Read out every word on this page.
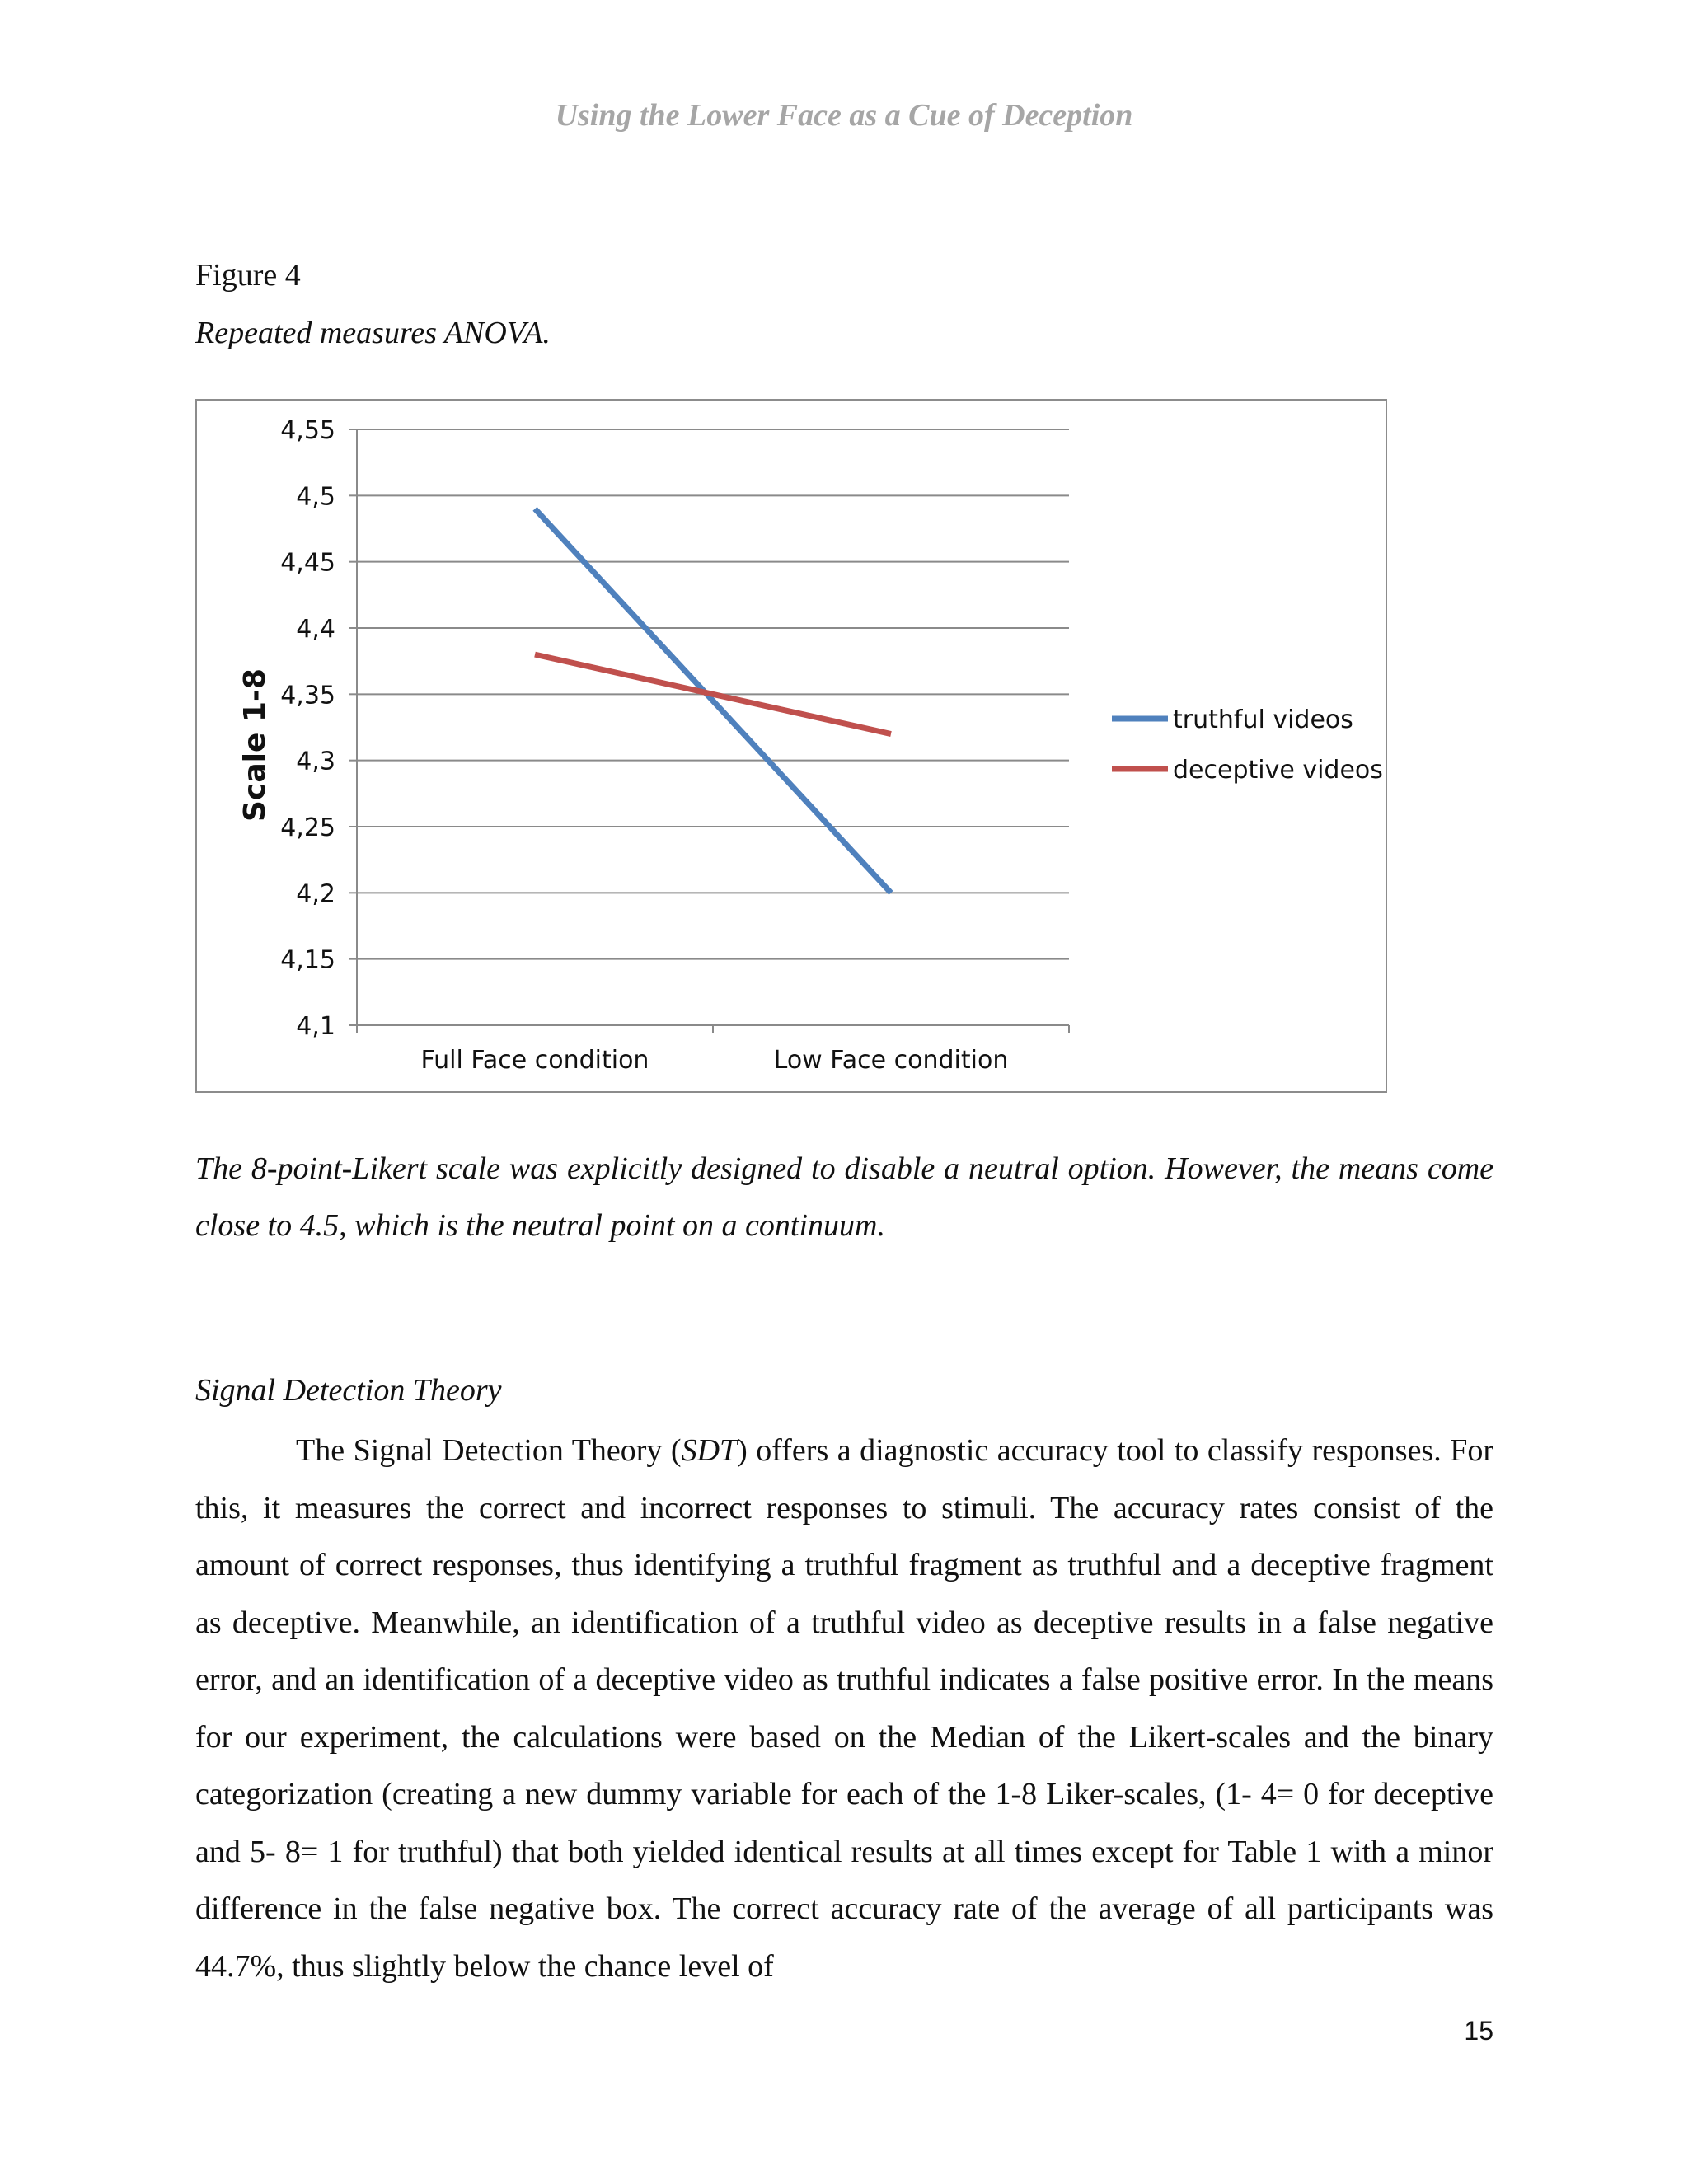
Using the Lower Face as a Cue of Deception
Figure 4
Repeated measures ANOVA.
4,55
4,5
4,45
4,4
4,35
4,3
4,25
4,2
4,15
4,1
Full Face condition	Low Face condition
truthful videos
deceptive videos
Scale 1-8
The 8-point-Likert scale was explicitly designed to disable a neutral option. However, the means come close to 4.5, which is the neutral point on a continuum.
Signal Detection Theory

The Signal Detection Theory (SDT) offers a diagnostic accuracy tool to classify responses. For this, it measures the correct and incorrect responses to stimuli. The accuracy rates consist of the amount of correct responses, thus identifying a truthful fragment as truthful and a deceptive fragment as deceptive. Meanwhile, an identification of a truthful video as deceptive results in a false negative error, and an identification of a deceptive video as truthful indicates a false positive error. In the means for our experiment, the calculations were based on the Median of the Likert-scales and the binary categorization (creating a new dummy variable for each of the 1-8 Liker-scales, (1- 4= 0 for deceptive and 5- 8= 1 for truthful) that both yielded identical results at all times except for Table 1 with a minor difference in the false negative box. The correct accuracy rate of the average of all participants was 44.7%, thus slightly below the chance level of

15
